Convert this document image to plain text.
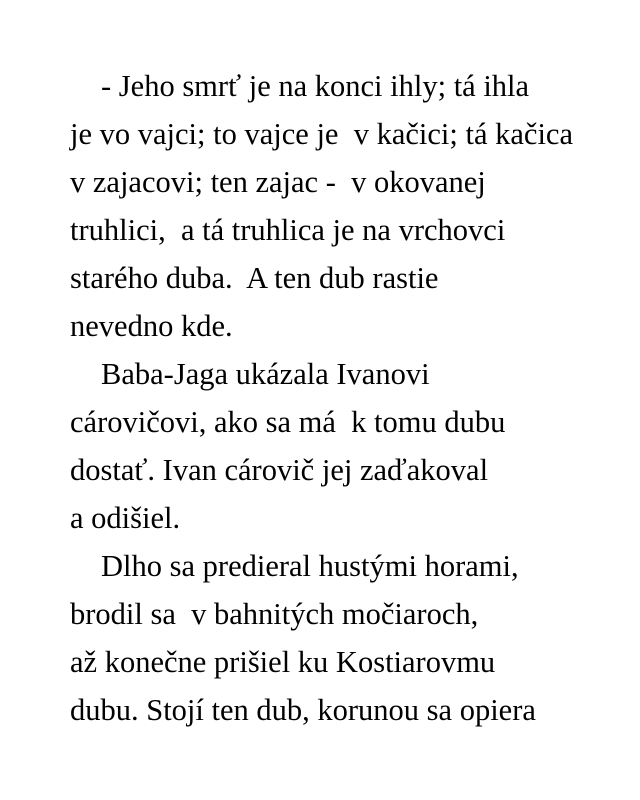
- Jeho smrť je na konci ihly; tá ihla
je vo vajci; to vajce je  v kačici; tá kačica
v zajacovi; ten zajac -  v okovanej
truhlici,  a tá truhlica je na vrchovci
starého duba.  A ten dub rastie
nevedno kde.
Baba-Jaga ukázala Ivanovi
cárovičovi, ako sa má  k tomu dubu
dostať. Ivan cárovič jej zaďakoval
a odišiel.
Dlho sa predieral hustými horami,
brodil sa  v bahnitých močiaroch,
až konečne prišiel ku Kostiarovmu
dubu. Stojí ten dub, korunou sa opiera
